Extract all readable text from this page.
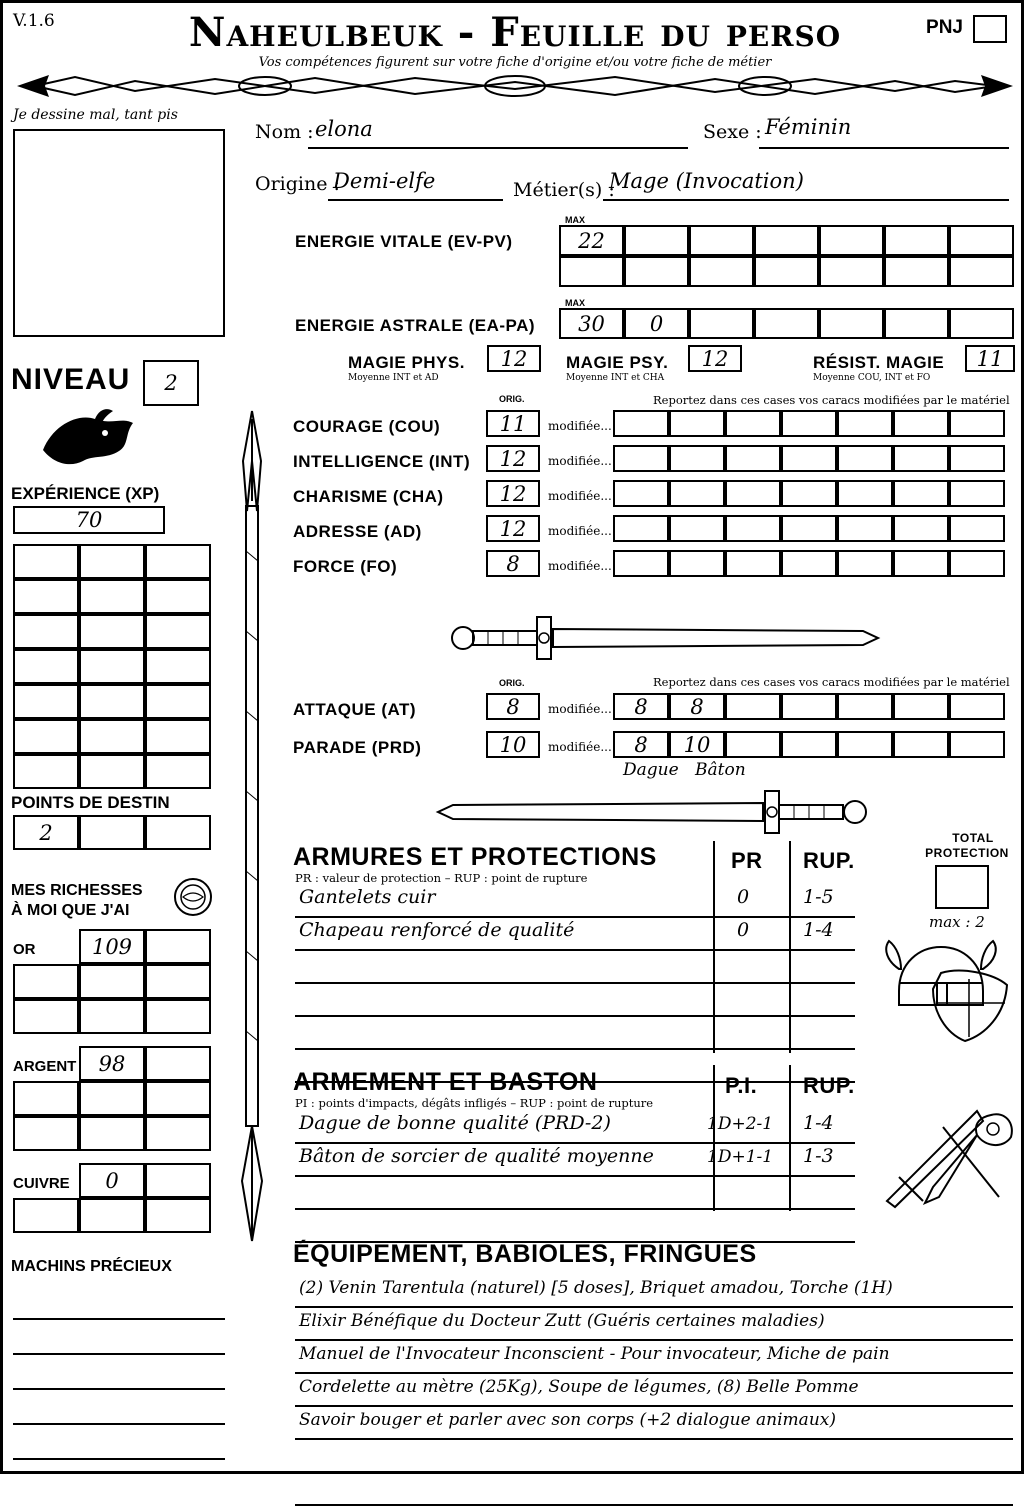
V.1.6	Naheulbeuk - Feuille du perso
Vos compétences figurent sur votre fiche d'origine et/ou votre fiche de métier
PNJ
Je dessine mal, tant pis
NIVEAU	2
EXPÉRIENCE (XP)
70
POINTS DE DESTIN
2
MES RICHESSES
À MOI QUE J'AI
OR	109
ARGENT	98
CUIVRE	0
MACHINS PRÉCIEUX
Nom : elona	Sexe : Féminin
Origine :
Demi-elfe	Métier(s) :
Mage (Invocation)
MAX
ENERGIE VITALE (EV-PV)	22
MAX
ENERGIE ASTRALE (EA-PA)	30	0
MAGIE PHYS.
Moyenne INT et AD
12	MAGIE PSY.
Moyenne INT et CHA
12	RÉSIST. MAGIE
Moyenne COU, INT et FO
11
ORIG.	Reportez dans ces cases vos caracs modifiées par le matériel
COURAGE (COU)	11	modifiée...
INTELLIGENCE (INT)	12	modifiée...
CHARISME (CHA)	12	modifiée...
ADRESSE (AD)	12	modifiée...
FORCE (FO)	8	modifiée...
ORIG.	Reportez dans ces cases vos caracs modifiées par le matériel
ATTAQUE (AT)	8	modifiée...	8	8
PARADE (PRD)	10	modifiée...	8	10
Dague Bâton
ARMURES ET PROTECTIONS
PR : valeur de protection – RUP : point de rupture
PR RUP.
Gantelets cuir	0	1-5
Chapeau renforcé de qualité	0	1-4
TOTAL
PROTECTION
max : 2
ARMEMENT ET BASTON
PI : points d'impacts, dégâts infligés – RUP : point de rupture
P.I. RUP.
Dague de bonne qualité (PRD-2)	1D+2-1 1-4
Bâton de sorcier de qualité moyenne	1D+1-1 1-3
ÉQUIPEMENT, BABIOLES, FRINGUES
(2) Venin Tarentula (naturel) [5 doses], Briquet amadou, Torche (1H)
Elixir Bénéfique du Docteur Zutt (Guéris certaines maladies)
Manuel de l'Invocateur Inconscient - Pour invocateur, Miche de pain
Cordelette au mètre (25Kg), Soupe de légumes, (8) Belle Pomme
Savoir bouger et parler avec son corps (+2 dialogue animaux)
